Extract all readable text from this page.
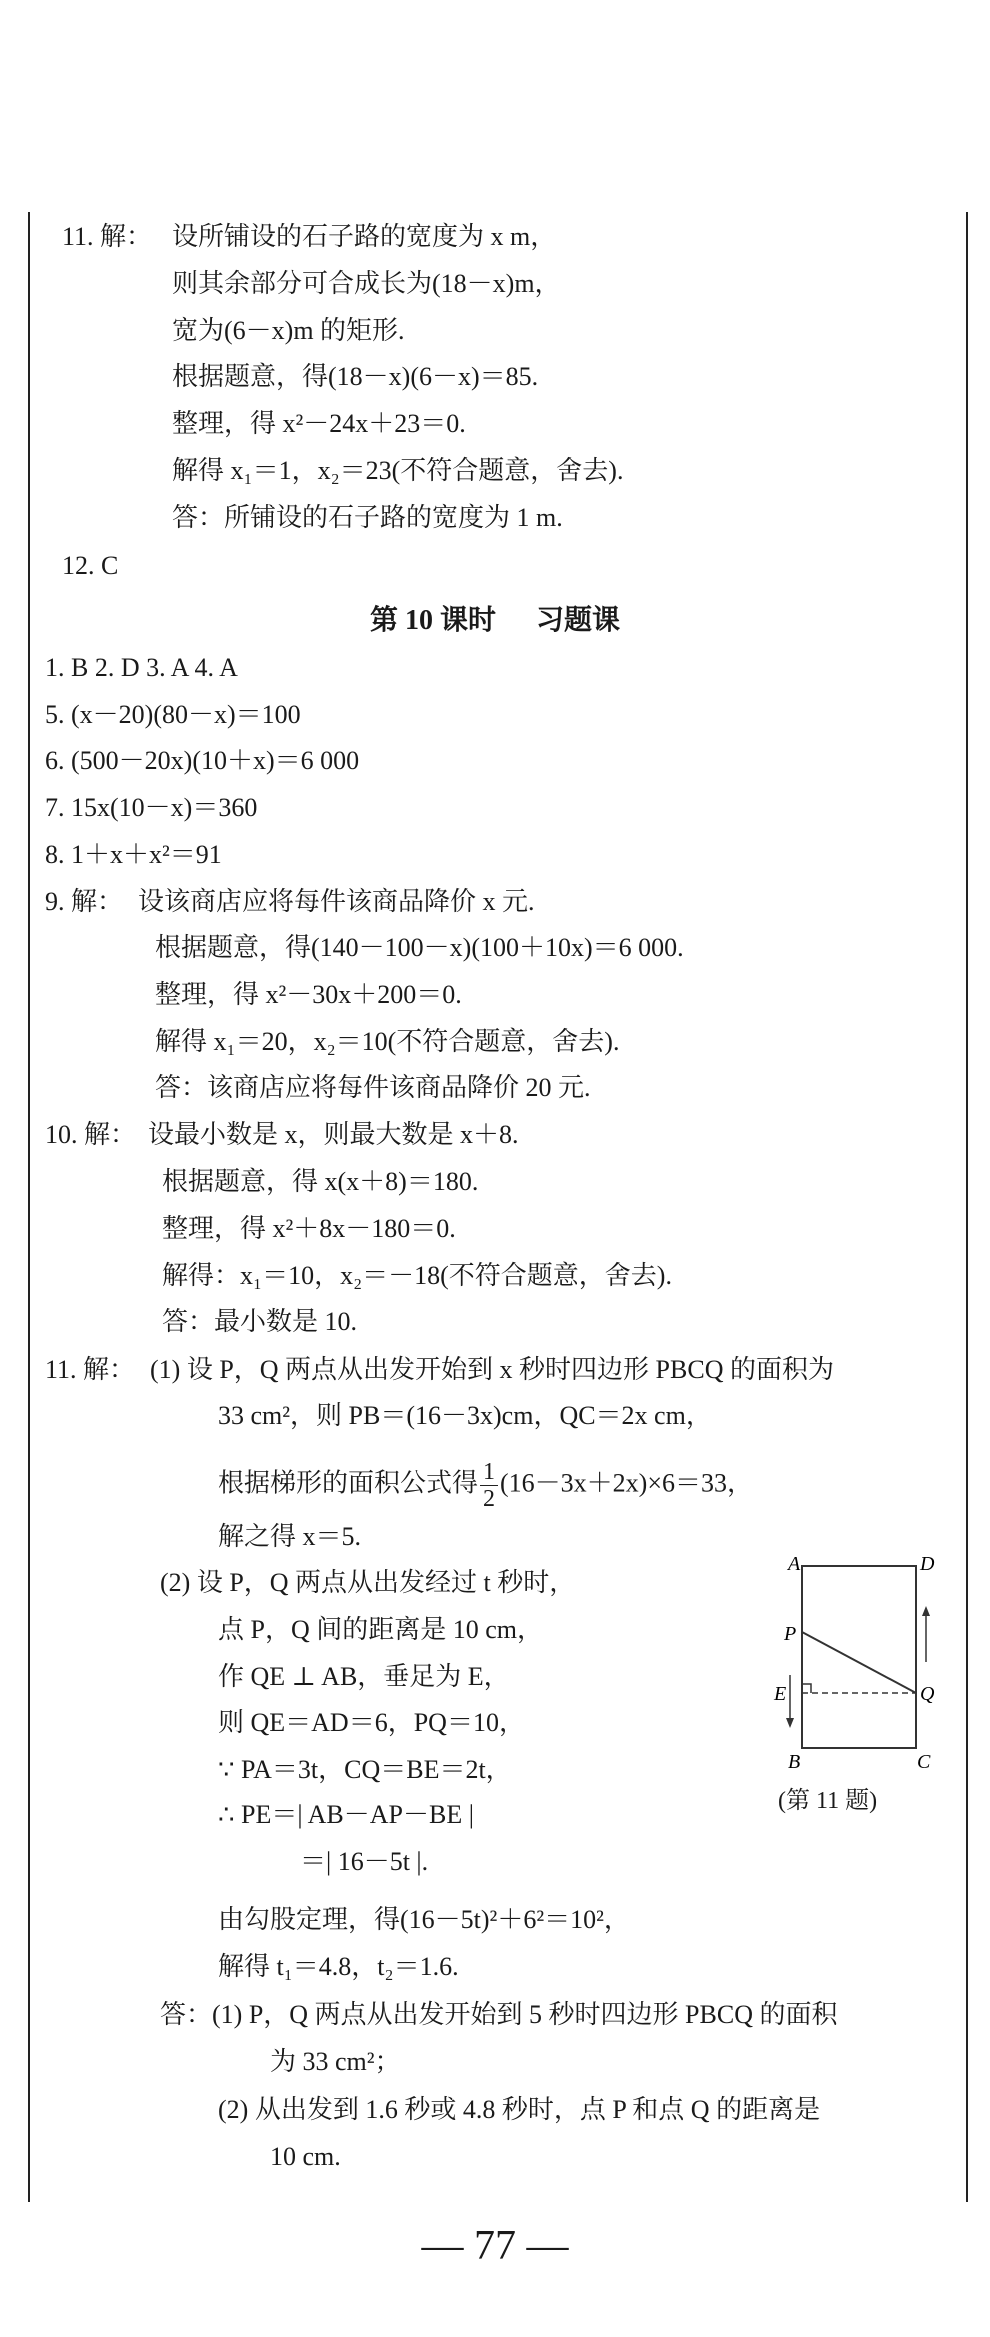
11. 解： 设所铺设的石子路的宽度为 x m，
则其余部分可合成长为(18－x)m，
宽为(6－x)m 的矩形.
根据题意，得(18－x)(6－x)＝85.
整理，得 x²－24x＋23＝0.
解得 x₁＝1，x₂＝23(不符合题意，舍去).
答：所铺设的石子路的宽度为 1 m.
12. C
第 10 课时 习题课
1. B 2. D 3. A 4. A
5. (x－20)(80－x)＝100
6. (500－20x)(10＋x)＝6 000
7. 15x(10－x)＝360
8. 1＋x＋x²＝91
9. 解： 设该商店应将每件该商品降价 x 元.
根据题意，得(140－100－x)(100＋10x)＝6 000.
整理，得 x²－30x＋200＝0.
解得 x₁＝20，x₂＝10(不符合题意，舍去).
答：该商店应将每件该商品降价 20 元.
10. 解： 设最小数是 x，则最大数是 x＋8.
根据题意，得 x(x＋8)＝180.
整理，得 x²＋8x－180＝0.
解得：x₁＝10，x₂＝－18(不符合题意，舍去).
答：最小数是 10.
11. 解： (1) 设 P，Q 两点从出发开始到 x 秒时四边形 PBCQ 的面积为
33 cm²，则 PB＝(16－3x)cm，QC＝2x cm，
根据梯形的面积公式得 $\frac{1}{2} (16-3x+2x)\times 6=33$，
解之得 x＝5.
(2) 设 P，Q 两点从出发经过 t 秒时，
点 P，Q 间的距离是 10 cm，
作 QE ⊥ AB，垂足为 E，
则 QE＝AD＝6，PQ＝10，
∵ PA＝3t，CQ＝BE＝2t，
∴ PE＝| AB－AP－BE |
＝| 16－5t |.
由勾股定理，得(16－5t)²＋6²＝10²，
解得 t₁＝4.8，t₂＝1.6.
答：(1) P，Q 两点从出发开始到 5 秒时四边形 PBCQ 的面积
为 33 cm²；
(2) 从出发到 1.6 秒或 4.8 秒时，点 P 和点 Q 的距离是
10 cm.
A
B	C
D
P
Q
E
(第 11 题)
— 77 —
